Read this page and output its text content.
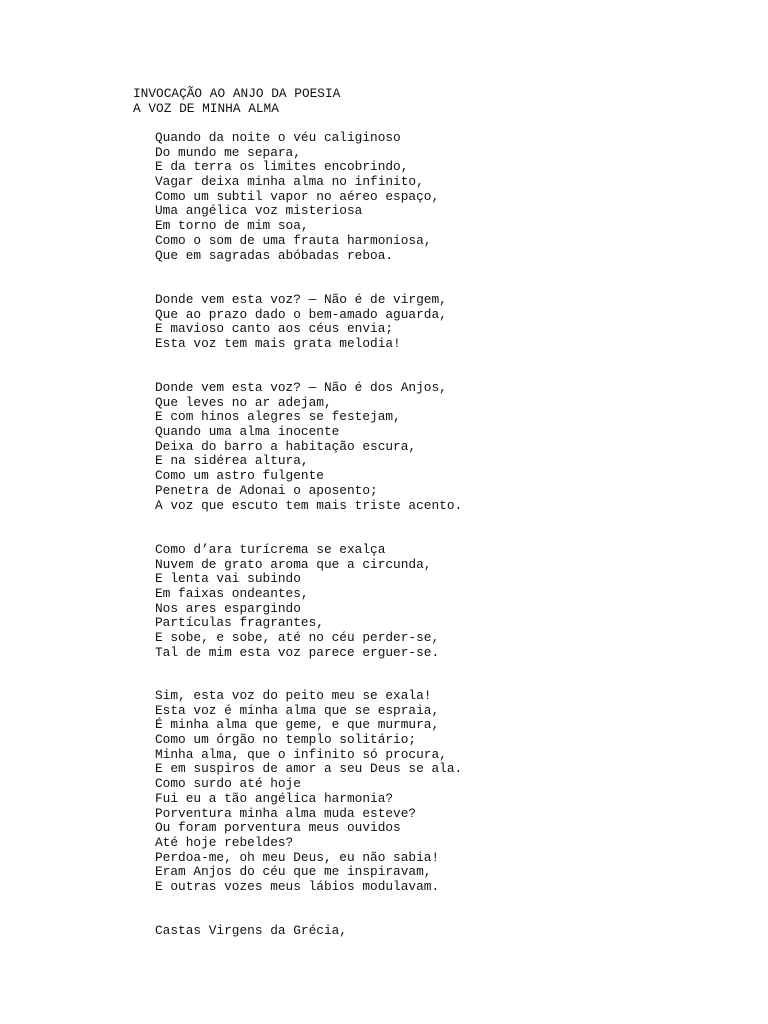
INVOCAÇÃO AO ANJO DA POESIA
A VOZ DE MINHA ALMA
Quando da noite o véu caliginoso
Do mundo me separa,
E da terra os limites encobrindo,
Vagar deixa minha alma no infinito,
Como um subtil vapor no aéreo espaço,
Uma angélica voz misteriosa
Em torno de mim soa,
Como o som de uma frauta harmoniosa,
Que em sagradas abóbadas reboa.
Donde vem esta voz? — Não é de virgem,
Que ao prazo dado o bem-amado aguarda,
E mavioso canto aos céus envia;
Esta voz tem mais grata melodia!
Donde vem esta voz? — Não é dos Anjos,
Que leves no ar adejam,
E com hinos alegres se festejam,
Quando uma alma inocente
Deixa do barro a habitação escura,
E na sidérea altura,
Como um astro fulgente
Penetra de Adonai o aposento;
A voz que escuto tem mais triste acento.
Como d’ara turícrema se exalça
Nuvem de grato aroma que a circunda,
E lenta vai subindo
Em faixas ondeantes,
Nos ares espargindo
Partículas fragrantes,
E sobe, e sobe, até no céu perder-se,
Tal de mim esta voz parece erguer-se.
Sim, esta voz do peito meu se exala!
Esta voz é minha alma que se espraia,
É minha alma que geme, e que murmura,
Como um órgão no templo solitário;
Minha alma, que o infinito só procura,
E em suspiros de amor a seu Deus se ala.
Como surdo até hoje
Fui eu a tão angélica harmonia?
Porventura minha alma muda esteve?
Ou foram porventura meus ouvidos
Até hoje rebeldes?
Perdoa-me, oh meu Deus, eu não sabia!
Eram Anjos do céu que me inspiravam,
E outras vozes meus lábios modulavam.
Castas Virgens da Grécia,
